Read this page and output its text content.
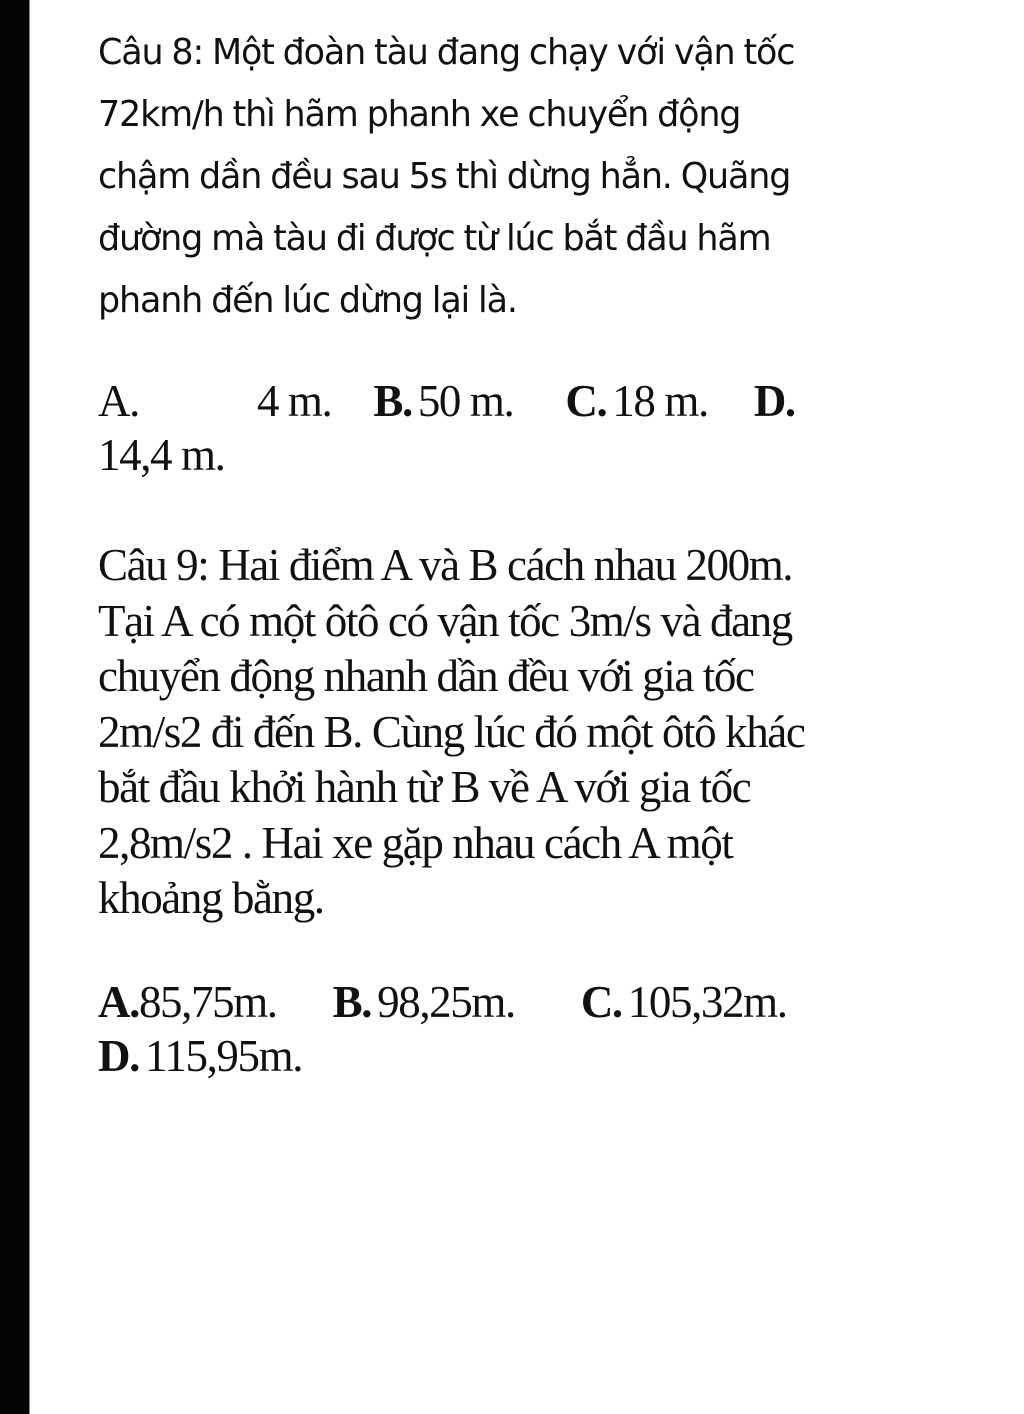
Câu 8: Một đoàn tàu đang chạy với vận tốc
72km/h thì hãm phanh xe chuyển động
chậm dần đều sau 5s thì dừng hẳn. Quãng
đường mà tàu đi được từ lúc bắt đầu hãm
phanh đến lúc dừng lại là.
A.	4 m. B. 50 m. C. 18 m. D.
14,4 m.
Câu 9: Hai điểm A và B cách nhau 200m.
Tại A có một ôtô có vận tốc 3m/s và đang
chuyển động nhanh dần đều với gia tốc
2m/s2 đi đến B. Cùng lúc đó một ôtô khác
bắt đầu khởi hành từ B về A với gia tốc
2,8m/s2 . Hai xe gặp nhau cách A một
khoảng bằng.
A.85,75m. B. 98,25m. C. 105,32m.
D. 115,95m.
